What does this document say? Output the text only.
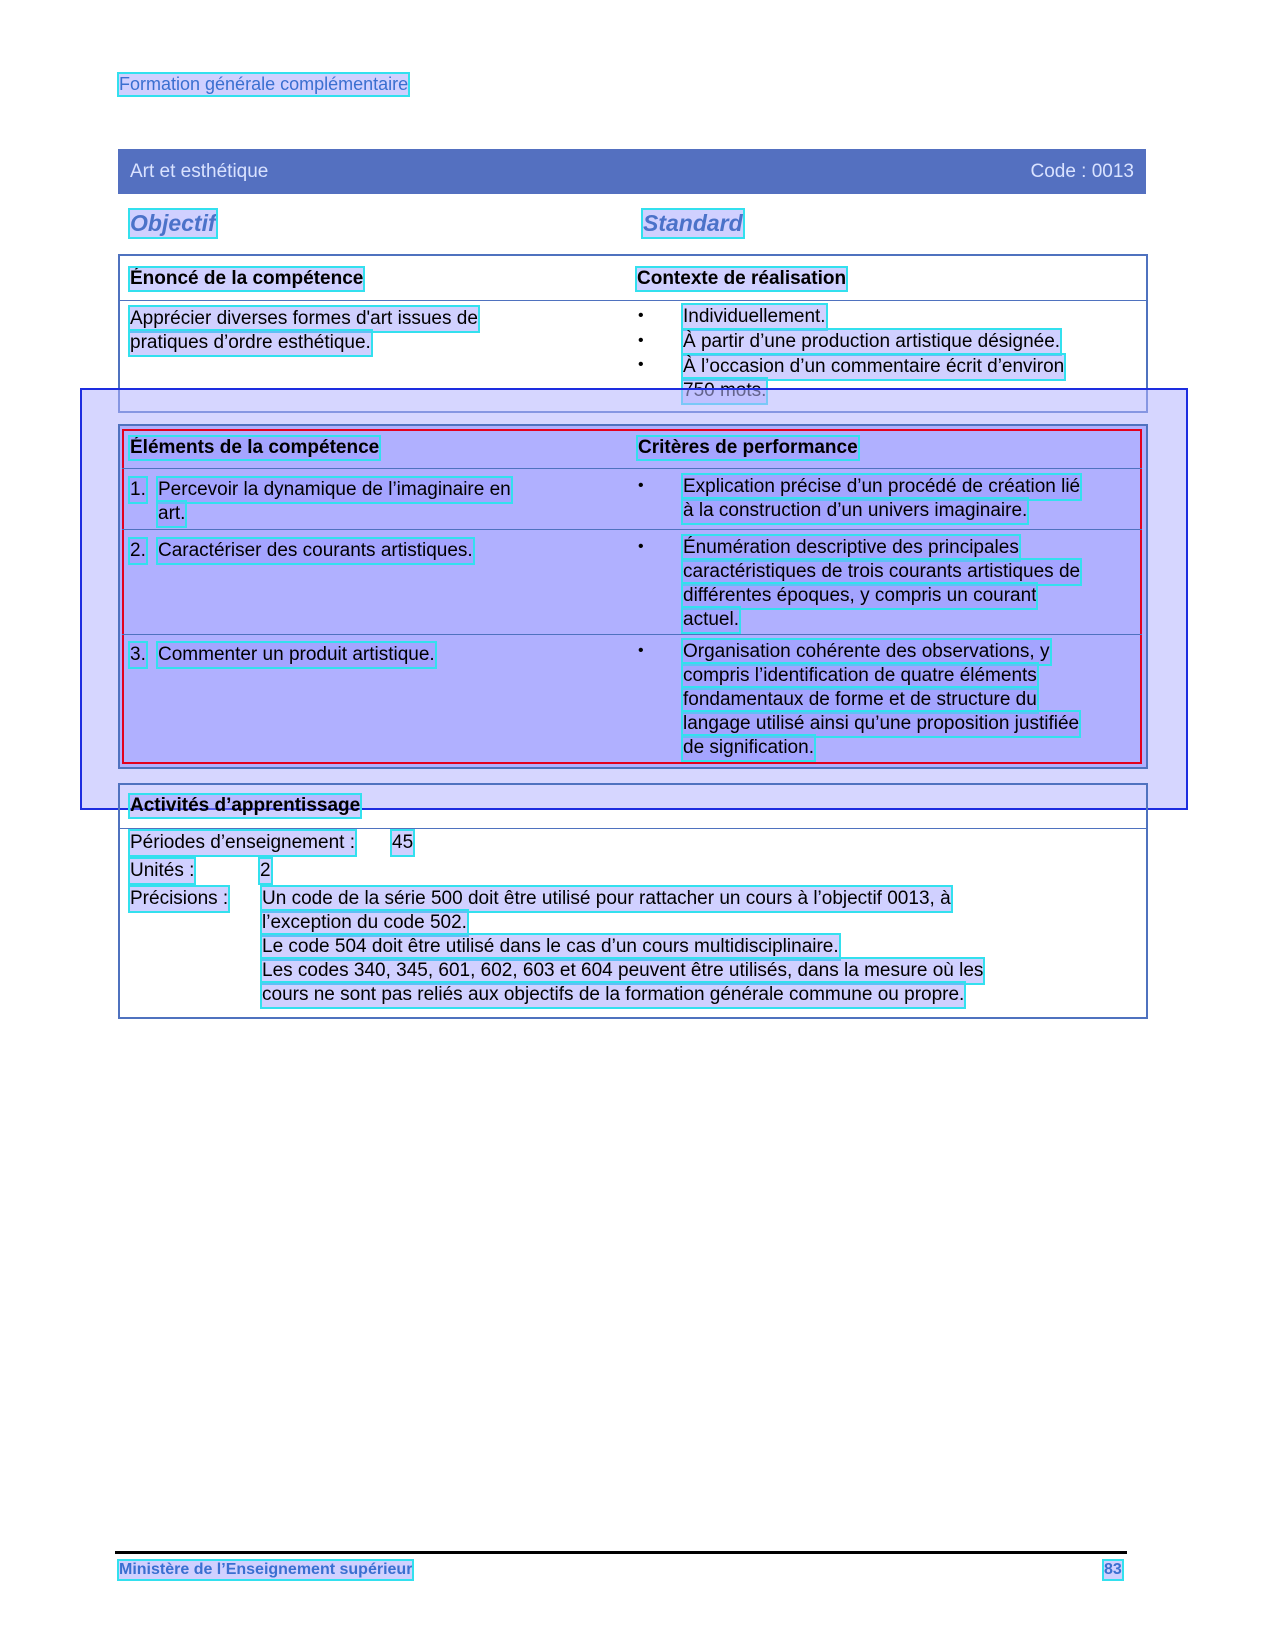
Formation générale complémentaire
Art et esthétique	Code : 0013
Objectif	Standard
Énoncé de la compétence	Contexte de réalisation
Apprécier diverses formes d'art issues de
pratiques d’ordre esthétique.
• Individuellement.
• À partir d’une production artistique désignée.
• À l’occasion d’un commentaire écrit d’environ
Éléments de la compétence	Critères de performance
1. Percevoir la dynamique de l’imaginaire en
art.
• Explication précise d’un procédé de création lié
à la construction d’un univers imaginaire.
2. Caractériser des courants artistiques.	• Énumération descriptive des principales
caractéristiques de trois courants artistiques de
différentes époques, y compris un courant
actuel.
3. Commenter un produit artistique.	• Organisation cohérente des observations, y
compris l’identification de quatre éléments
fondamentaux de forme et de structure du
langage utilisé ainsi qu’une proposition justifiée
de signification.
Activités d’apprentissage
Périodes d’enseignement : 45
Unités :	2
Précisions : Un code de la série 500 doit être utilisé pour rattacher un cours à l’objectif 0013, à
l’exception du code 502.
Le code 504 doit être utilisé dans le cas d’un cours multidisciplinaire.
Les codes 340, 345, 601, 602, 603 et 604 peuvent être utilisés, dans la mesure où les
cours ne sont pas reliés aux objectifs de la formation générale commune ou propre.
Ministère de l’Enseignement supérieur	83
